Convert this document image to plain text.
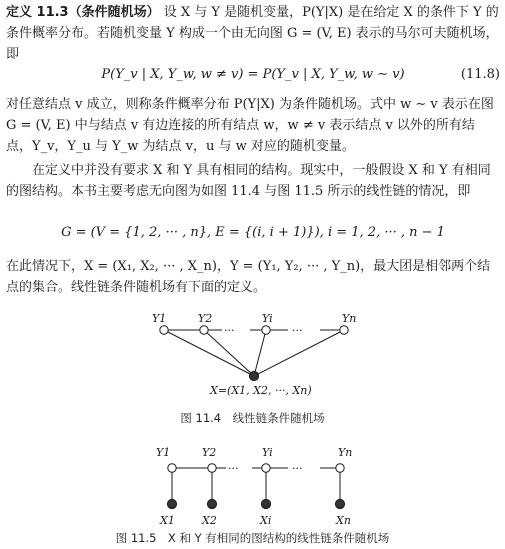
定义 11.3（条件随机场） 设 X 与 Y 是随机变量，P(Y|X) 是在给定 X 的条件下 Y 的条件概率分布。若随机变量 Y 构成一个由无向图 G = (V, E) 表示的马尔可夫随机场，即

P(Y_v | X, Y_w, w ≠ v) = P(Y_v | X, Y_w, w ∼ v)	(11.8)

对任意结点 v 成立，则称条件概率分布 P(Y|X) 为条件随机场。式中 w ∼ v 表示在图 G = (V, E) 中与结点 v 有边连接的所有结点 w，w ≠ v 表示结点 v 以外的所有结点，Y_v，Y_u 与 Y_w 为结点 v，u 与 w 对应的随机变量。

在定义中并没有要求 X 和 Y 具有相同的结构。现实中，一般假设 X 和 Y 有相同的图结构。本书主要考虑无向图为如图 11.4 与图 11.5 所示的线性链的情况，即

G = (V = {1, 2, ··· , n}, E = {(i, i + 1)}), i = 1, 2, ··· , n − 1

在此情况下，X = (X₁, X₂, ··· , X_n)，Y = (Y₁, Y₂, ··· , Y_n)，最大团是相邻两个结点的集合。线性链条件随机场有下面的定义。

Y1	Y2	Yi	Yn
···	···
X=(X1, X2, ···, Xn)
图 11.4　线性链条件随机场
Y1	Y2	Yi	Yn
···	···
X1 X2	Xi	Xn
图 11.5　X 和 Y 有相同的图结构的线性链条件随机场
